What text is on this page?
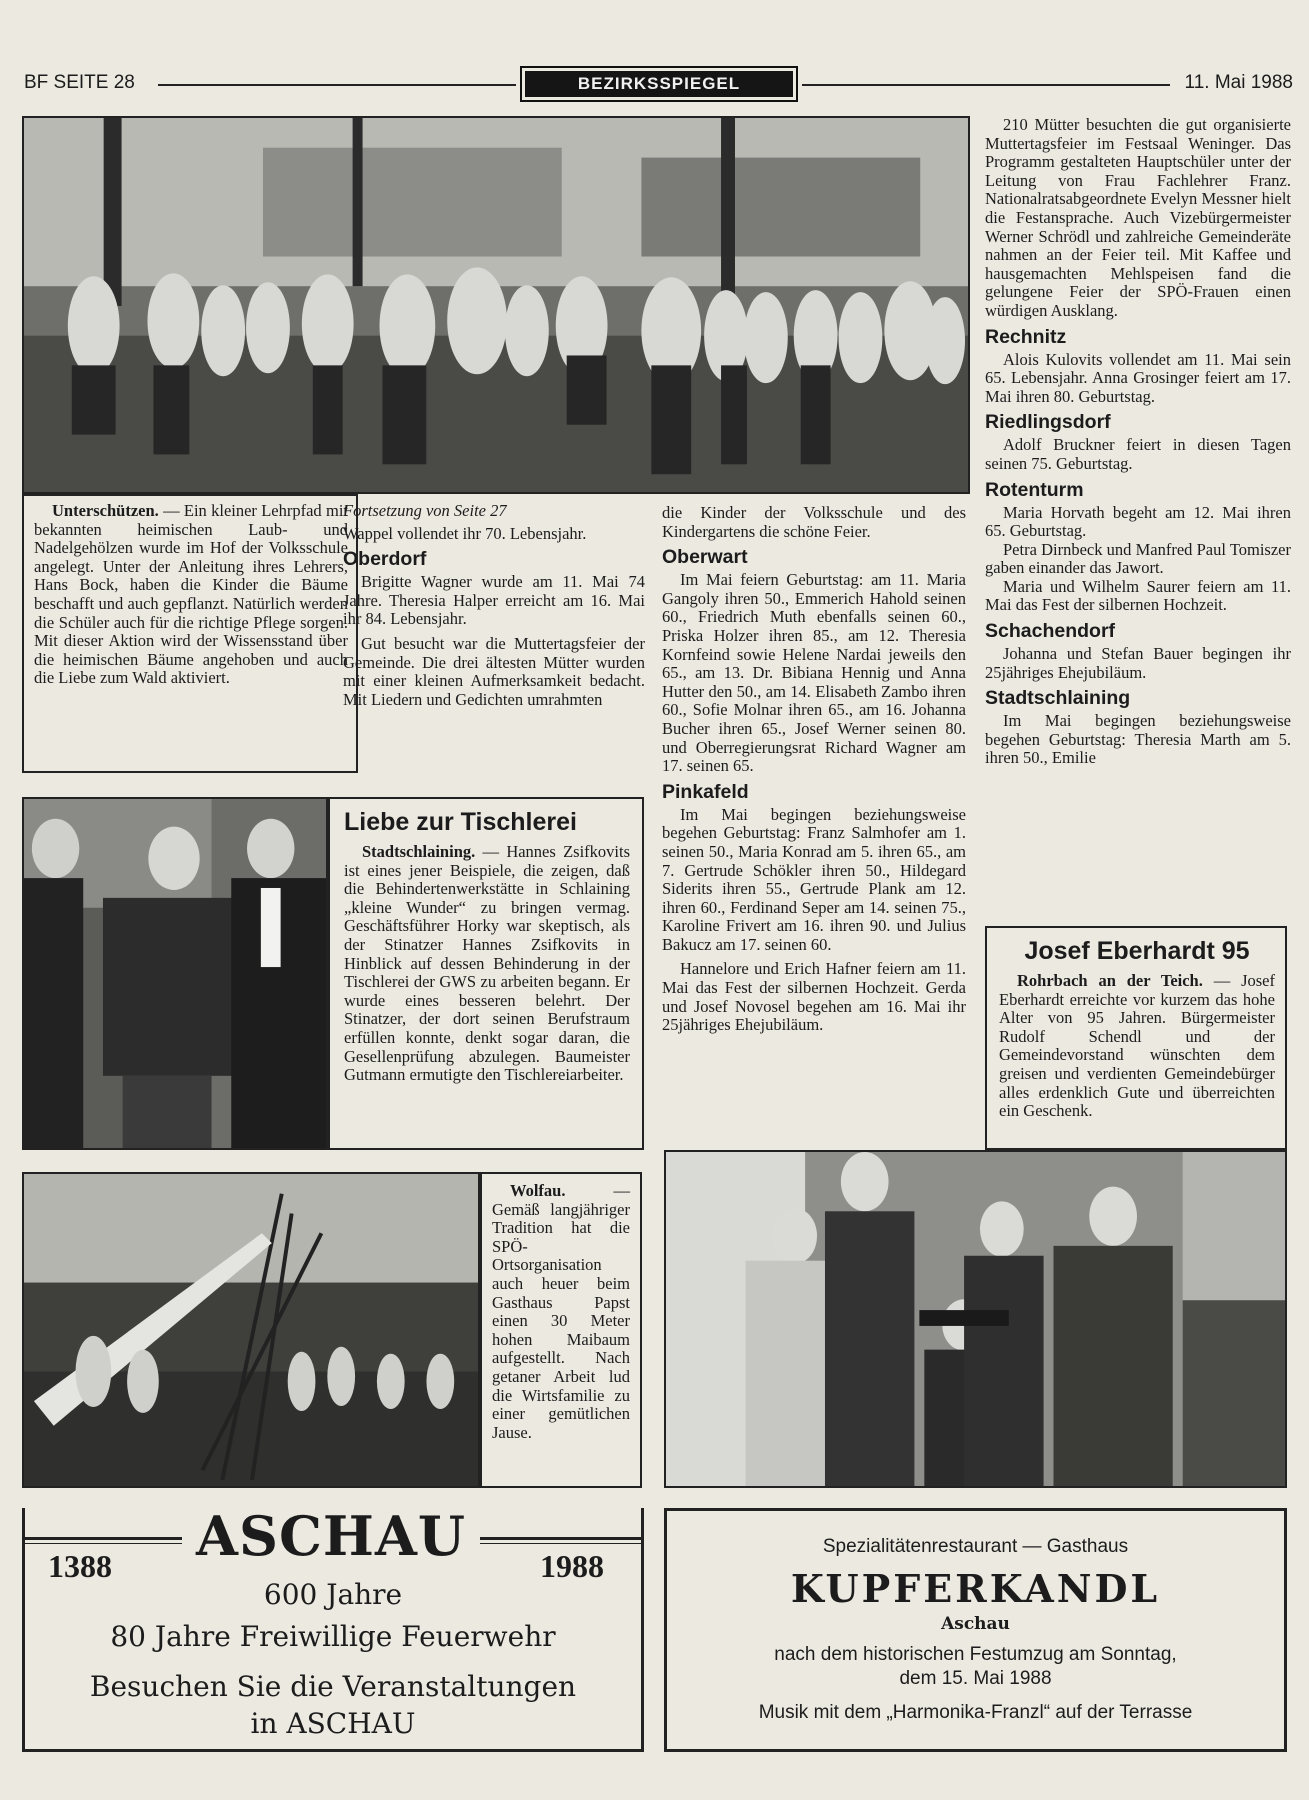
BF SEITE 28	BEZIRKSSPIEGEL	11. Mai 1988

Unterschützen. — Ein kleiner Lehrpfad mit bekannten heimischen Laub- und Nadelgehölzen wurde im Hof der Volksschule angelegt. Unter der Anleitung ihres Lehrers, Hans Bock, haben die Kinder die Bäume beschafft und auch gepflanzt. Natürlich werden die Schüler auch für die richtige Pflege sorgen. Mit dieser Aktion wird der Wissensstand über die heimischen Bäume angehoben und auch die Liebe zum Wald aktiviert.

Fortsetzung von Seite 27

Wappel vollendet ihr 70. Lebensjahr.

Oberdorf

Brigitte Wagner wurde am 11. Mai 74 Jahre. Theresia Halper erreicht am 16. Mai ihr 84. Lebensjahr.

Gut besucht war die Muttertagsfeier der Gemeinde. Die drei ältesten Mütter wurden mit einer kleinen Aufmerksamkeit bedacht. Mit Liedern und Gedichten umrahmten

die Kinder der Volksschule und des Kindergartens die schöne Feier.

Oberwart

Im Mai feiern Geburtstag: am 11. Maria Gangoly ihren 50., Emmerich Hahold seinen 60., Friedrich Muth ebenfalls seinen 60., Priska Holzer ihren 85., am 12. Theresia Kornfeind sowie Helene Nardai jeweils den 65., am 13. Dr. Bibiana Hennig und Anna Hutter den 50., am 14. Elisabeth Zambo ihren 60., Sofie Molnar ihren 65., am 16. Johanna Bucher ihren 65., Josef Werner seinen 80. und Oberregierungsrat Richard Wagner am 17. seinen 65.

Pinkafeld

Im Mai begingen beziehungsweise begehen Geburtstag: Franz Salmhofer am 1. seinen 50., Maria Konrad am 5. ihren 65., am 7. Gertrude Schökler ihren 50., Hildegard Siderits ihren 55., Gertrude Plank am 12. ihren 60., Ferdinand Seper am 14. seinen 75., Karoline Frivert am 16. ihren 90. und Julius Bakucz am 17. seinen 60.

Hannelore und Erich Hafner feiern am 11. Mai das Fest der silbernen Hochzeit. Gerda und Josef Novosel begehen am 16. Mai ihr 25jähriges Ehejubiläum.

210 Mütter besuchten die gut organisierte Muttertagsfeier im Festsaal Weninger. Das Programm gestalteten Hauptschüler unter der Leitung von Frau Fachlehrer Franz. Nationalratsabgeordnete Evelyn Messner hielt die Festansprache. Auch Vizebürgermeister Werner Schrödl und zahlreiche Gemeinderäte nahmen an der Feier teil. Mit Kaffee und hausgemachten Mehlspeisen fand die gelungene Feier der SPÖ-Frauen einen würdigen Ausklang.

Rechnitz

Alois Kulovits vollendet am 11. Mai sein 65. Lebensjahr. Anna Grosinger feiert am 17. Mai ihren 80. Geburtstag.

Riedlingsdorf

Adolf Bruckner feiert in diesen Tagen seinen 75. Geburtstag.

Rotenturm

Maria Horvath begeht am 12. Mai ihren 65. Geburtstag.

Petra Dirnbeck und Manfred Paul Tomiszer gaben einander das Jawort.

Maria und Wilhelm Saurer feiern am 11. Mai das Fest der silbernen Hochzeit.

Schachendorf

Johanna und Stefan Bauer begingen ihr 25jähriges Ehejubiläum.

Stadtschlaining

Im Mai begingen beziehungsweise begehen Geburtstag: Theresia Marth am 5. ihren 50., Emilie

Liebe zur Tischlerei

Stadtschlaining. — Hannes Zsifkovits ist eines jener Beispiele, die zeigen, daß die Behindertenwerkstätte in Schlaining „kleine Wunder“ zu bringen vermag. Geschäftsführer Horky war skeptisch, als der Stinatzer Hannes Zsifkovits in Hinblick auf dessen Behinderung in der Tischlerei der GWS zu arbeiten begann. Er wurde eines besseren belehrt. Der Stinatzer, der dort seinen Berufstraum erfüllen konnte, denkt sogar daran, die Gesellenprüfung abzulegen. Baumeister Gutmann ermutigte den Tischlereiarbeiter.

Josef Eberhardt 95

Rohrbach an der Teich. — Josef Eberhardt erreichte vor kurzem das hohe Alter von 95 Jahren. Bürgermeister Rudolf Schendl und der Gemeindevorstand wünschten dem greisen und verdienten Gemeindebürger alles erdenklich Gute und überreichten ein Geschenk.

Wolfau. — Gemäß langjähriger Tradition hat die SPÖ-Ortsorganisation auch heuer beim Gasthaus Papst einen 30 Meter hohen Maibaum aufgestellt. Nach getaner Arbeit lud die Wirtsfamilie zu einer gemütlichen Jause.

ASCHAU
1388	1988
600 Jahre
80 Jahre Freiwillige Feuerwehr
Besuchen Sie die Veranstaltungen
in ASCHAU
Spezialitätenrestaurant — Gasthaus
KUPFERKANDL
Aschau
nach dem historischen Festumzug am Sonntag,
dem 15. Mai 1988
Musik mit dem „Harmonika-Franzl“ auf der Terrasse
